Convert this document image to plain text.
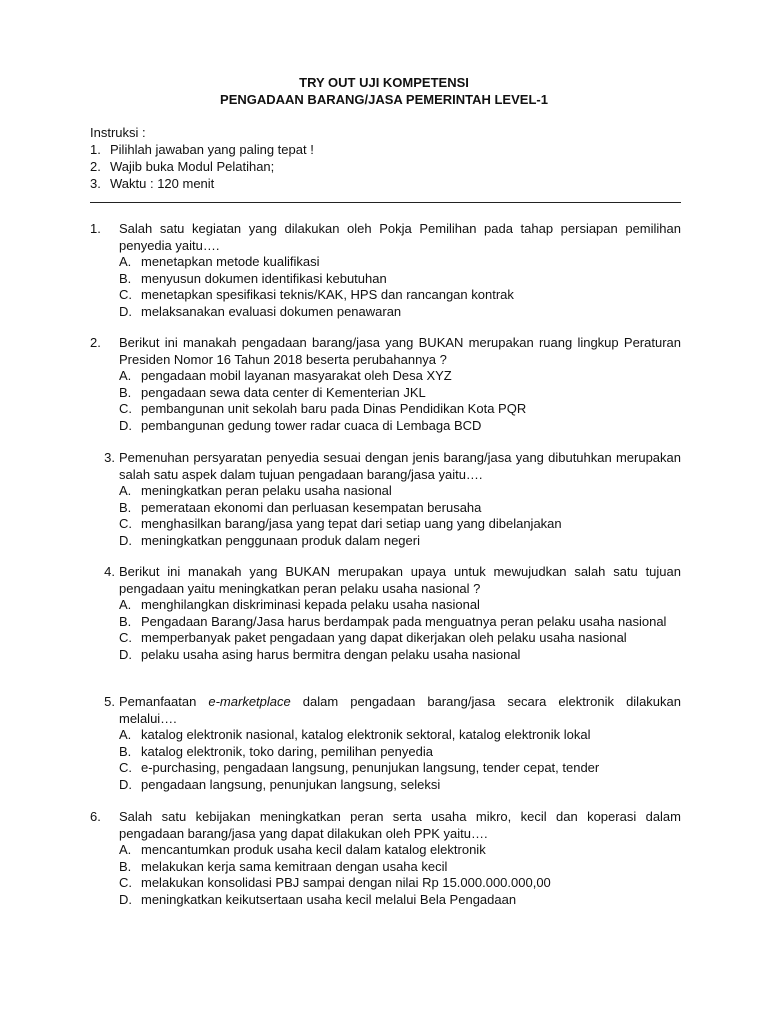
TRY OUT UJI KOMPETENSI
PENGADAAN BARANG/JASA PEMERINTAH LEVEL-1
Instruksi :
1. Pilihlah jawaban yang paling tepat !
2. Wajib buka Modul Pelatihan;
3. Waktu : 120 menit
1.	Salah satu kegiatan yang dilakukan oleh Pokja Pemilihan pada tahap persiapan pemilihan penyedia yaitu….
A. menetapkan metode kualifikasi
B. menyusun dokumen identifikasi kebutuhan
C. menetapkan spesifikasi teknis/KAK, HPS dan rancangan kontrak
D. melaksanakan evaluasi dokumen penawaran
2.	Berikut ini manakah pengadaan barang/jasa yang BUKAN merupakan ruang lingkup Peraturan Presiden Nomor 16 Tahun 2018 beserta perubahannya ?
A. pengadaan mobil layanan masyarakat oleh Desa XYZ
B. pengadaan sewa data center di Kementerian JKL
C. pembangunan unit sekolah baru pada Dinas Pendidikan Kota PQR
D. pembangunan gedung tower radar cuaca di Lembaga BCD
3. Pemenuhan persyaratan penyedia sesuai dengan jenis barang/jasa yang dibutuhkan merupakan salah satu aspek dalam tujuan pengadaan barang/jasa yaitu….
A. meningkatkan peran pelaku usaha nasional
B. pemerataan ekonomi dan perluasan kesempatan berusaha
C. menghasilkan barang/jasa yang tepat dari setiap uang yang dibelanjakan
D. meningkatkan penggunaan produk dalam negeri
4. Berikut ini manakah yang BUKAN merupakan upaya untuk mewujudkan salah satu tujuan pengadaan yaitu meningkatkan peran pelaku usaha nasional ?
A. menghilangkan diskriminasi kepada pelaku usaha nasional
B. Pengadaan Barang/Jasa harus berdampak pada menguatnya peran pelaku usaha nasional
C. memperbanyak paket pengadaan yang dapat dikerjakan oleh pelaku usaha nasional
D. pelaku usaha asing harus bermitra dengan pelaku usaha nasional
5. Pemanfaatan e-marketplace dalam pengadaan barang/jasa secara elektronik dilakukan melalui….
A. katalog elektronik nasional, katalog elektronik sektoral, katalog elektronik lokal
B. katalog elektronik, toko daring, pemilihan penyedia
C. e-purchasing, pengadaan langsung, penunjukan langsung, tender cepat, tender
D. pengadaan langsung, penunjukan langsung, seleksi
6.	Salah satu kebijakan meningkatkan peran serta usaha mikro, kecil dan koperasi dalam pengadaan barang/jasa yang dapat dilakukan oleh PPK yaitu….
A. mencantumkan produk usaha kecil dalam katalog elektronik
B. melakukan kerja sama kemitraan dengan usaha kecil
C. melakukan konsolidasi PBJ sampai dengan nilai Rp 15.000.000.000,00
D. meningkatkan keikutsertaan usaha kecil melalui Bela Pengadaan
